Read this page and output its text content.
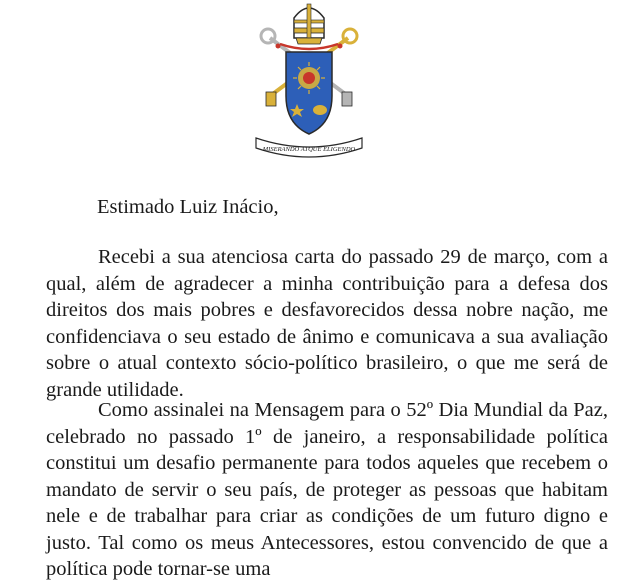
MISERANDO ATQUE ELIGENDO
Estimado Luiz Inácio,

Recebi a sua atenciosa carta do passado 29 de março, com a qual, além de agradecer a minha contribuição para a defesa dos direitos dos mais pobres e desfavorecidos dessa nobre nação, me confidenciava o seu estado de ânimo e comunicava a sua avaliação sobre o atual contexto sócio-político brasileiro, o que me será de grande utilidade.

Como assinalei na Mensagem para o 52º Dia Mundial da Paz, celebrado no passado 1º de janeiro, a responsabilidade política constitui um desafio permanente para todos aqueles que recebem o mandato de servir o seu país, de proteger as pessoas que habitam nele e de trabalhar para criar as condições de um futuro digno e justo. Tal como os meus Antecessores, estou convencido de que a política pode tornar-se uma
